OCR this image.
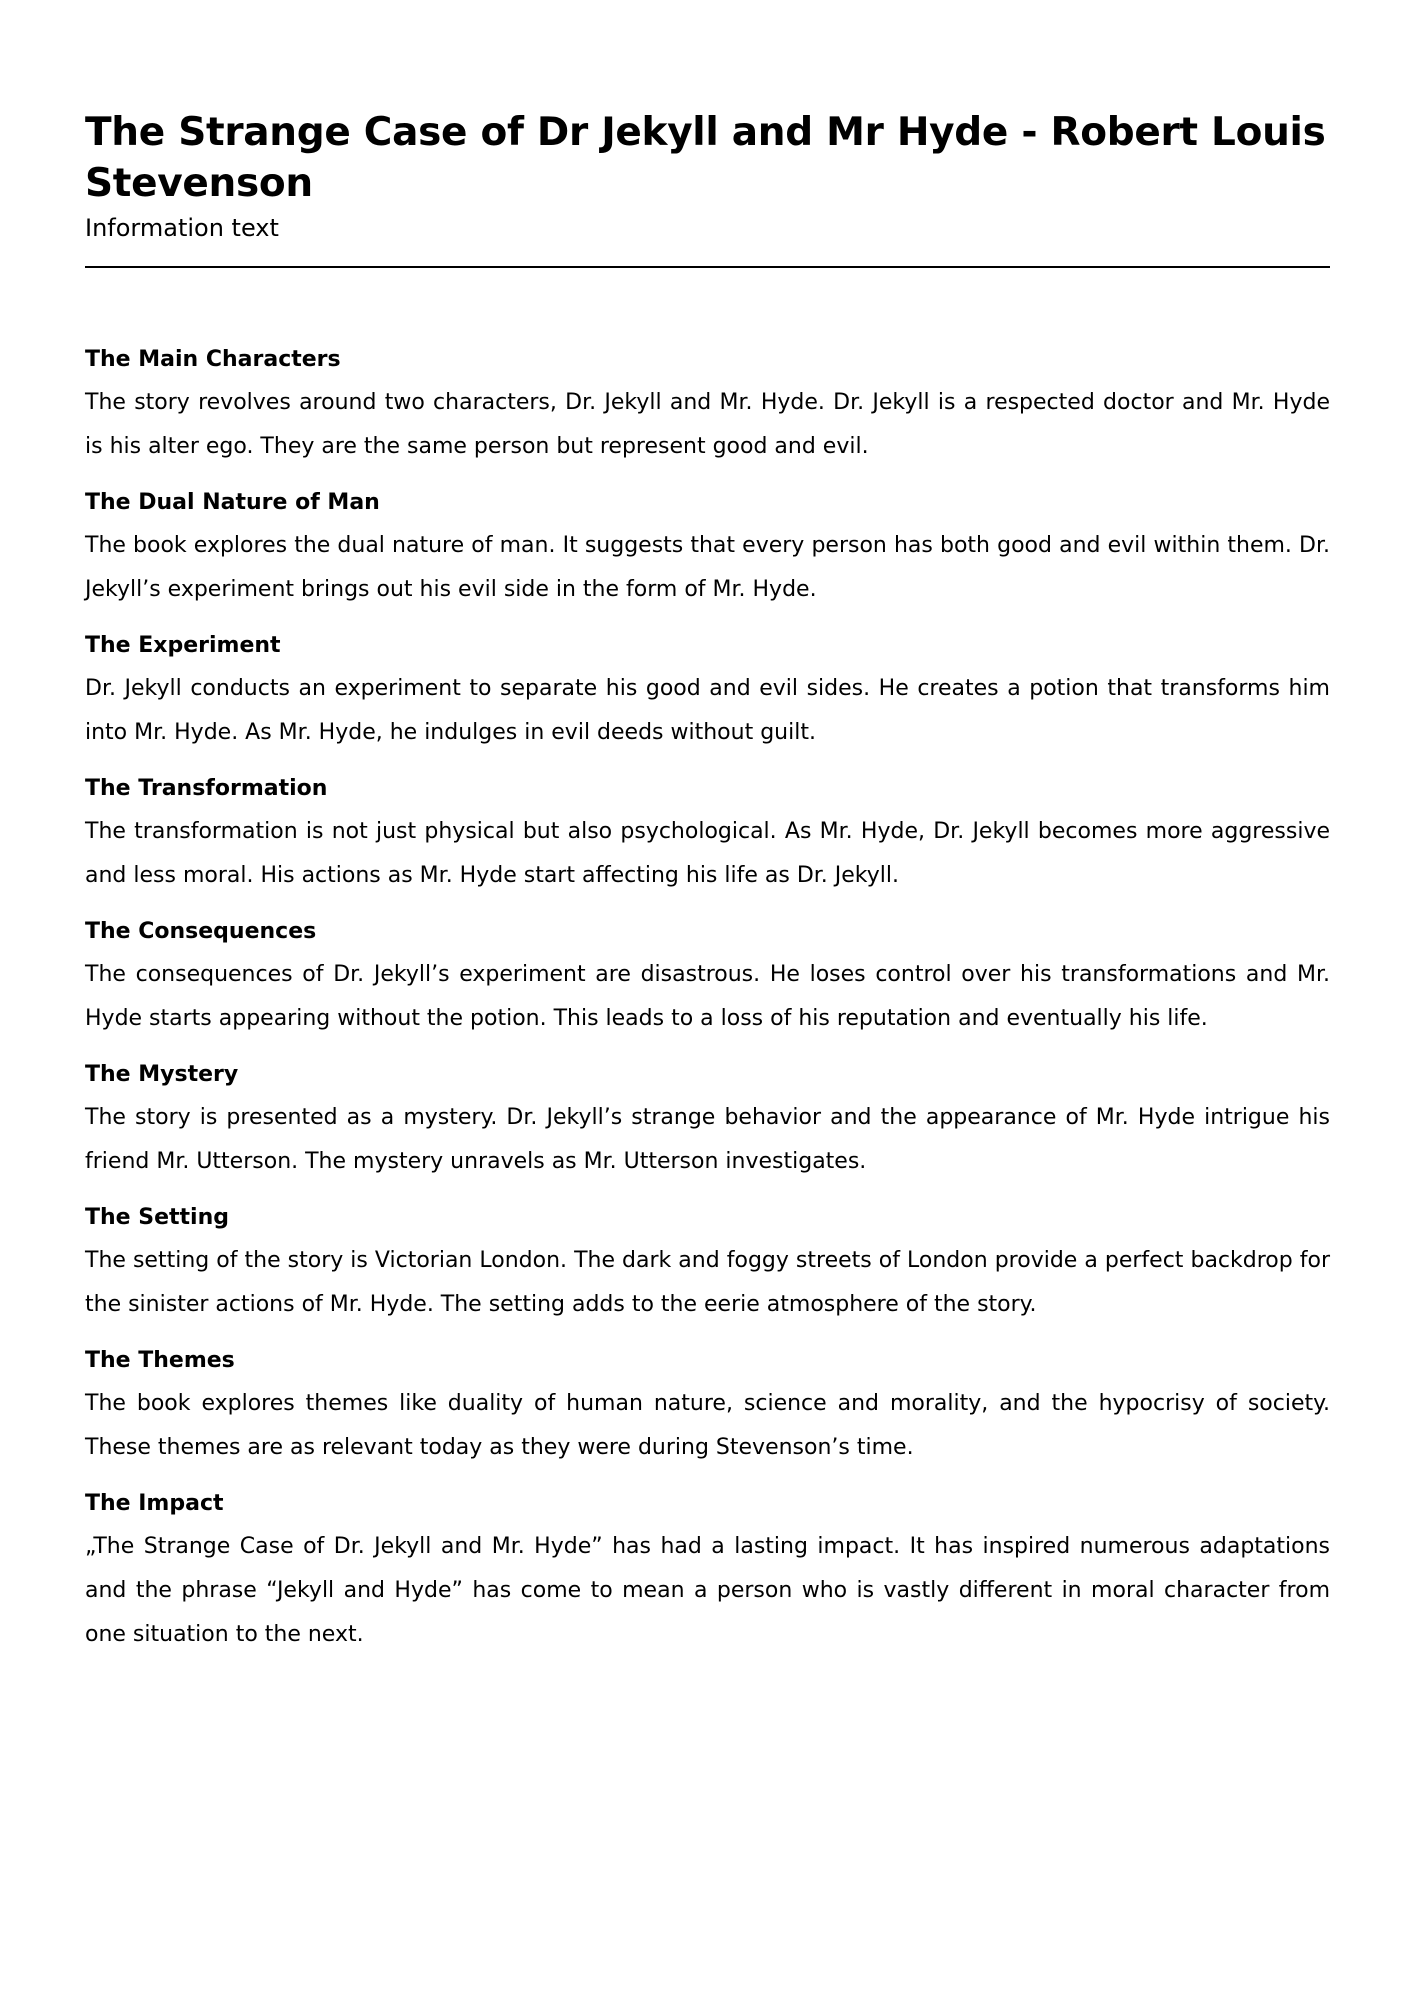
The Strange Case of Dr Jekyll and Mr Hyde - Robert Louis Stevenson
Information text
The Main Characters

The story revolves around two characters, Dr. Jekyll and Mr. Hyde. Dr. Jekyll is a respected doctor and Mr. Hyde is his alter ego. They are the same person but represent good and evil.

The Dual Nature of Man

The book explores the dual nature of man. It suggests that every person has both good and evil within them. Dr. Jekyll’s experiment brings out his evil side in the form of Mr. Hyde.

The Experiment

Dr. Jekyll conducts an experiment to separate his good and evil sides. He creates a potion that transforms him into Mr. Hyde. As Mr. Hyde, he indulges in evil deeds without guilt.

The Transformation

The transformation is not just physical but also psychological. As Mr. Hyde, Dr. Jekyll becomes more aggressive and less moral. His actions as Mr. Hyde start affecting his life as Dr. Jekyll.

The Consequences

The consequences of Dr. Jekyll’s experiment are disastrous. He loses control over his transformations and Mr. Hyde starts appearing without the potion. This leads to a loss of his reputation and eventually his life.

The Mystery

The story is presented as a mystery. Dr. Jekyll’s strange behavior and the appearance of Mr. Hyde intrigue his friend Mr. Utterson. The mystery unravels as Mr. Utterson investigates.

The Setting

The setting of the story is Victorian London. The dark and foggy streets of London provide a perfect backdrop for the sinister actions of Mr. Hyde. The setting adds to the eerie atmosphere of the story.

The Themes

The book explores themes like duality of human nature, science and morality, and the hypocrisy of society. These themes are as relevant today as they were during Stevenson’s time.

The Impact

„The Strange Case of Dr. Jekyll and Mr. Hyde” has had a lasting impact. It has inspired numerous adaptations and the phrase “Jekyll and Hyde” has come to mean a person who is vastly different in moral character from one situation to the next.
